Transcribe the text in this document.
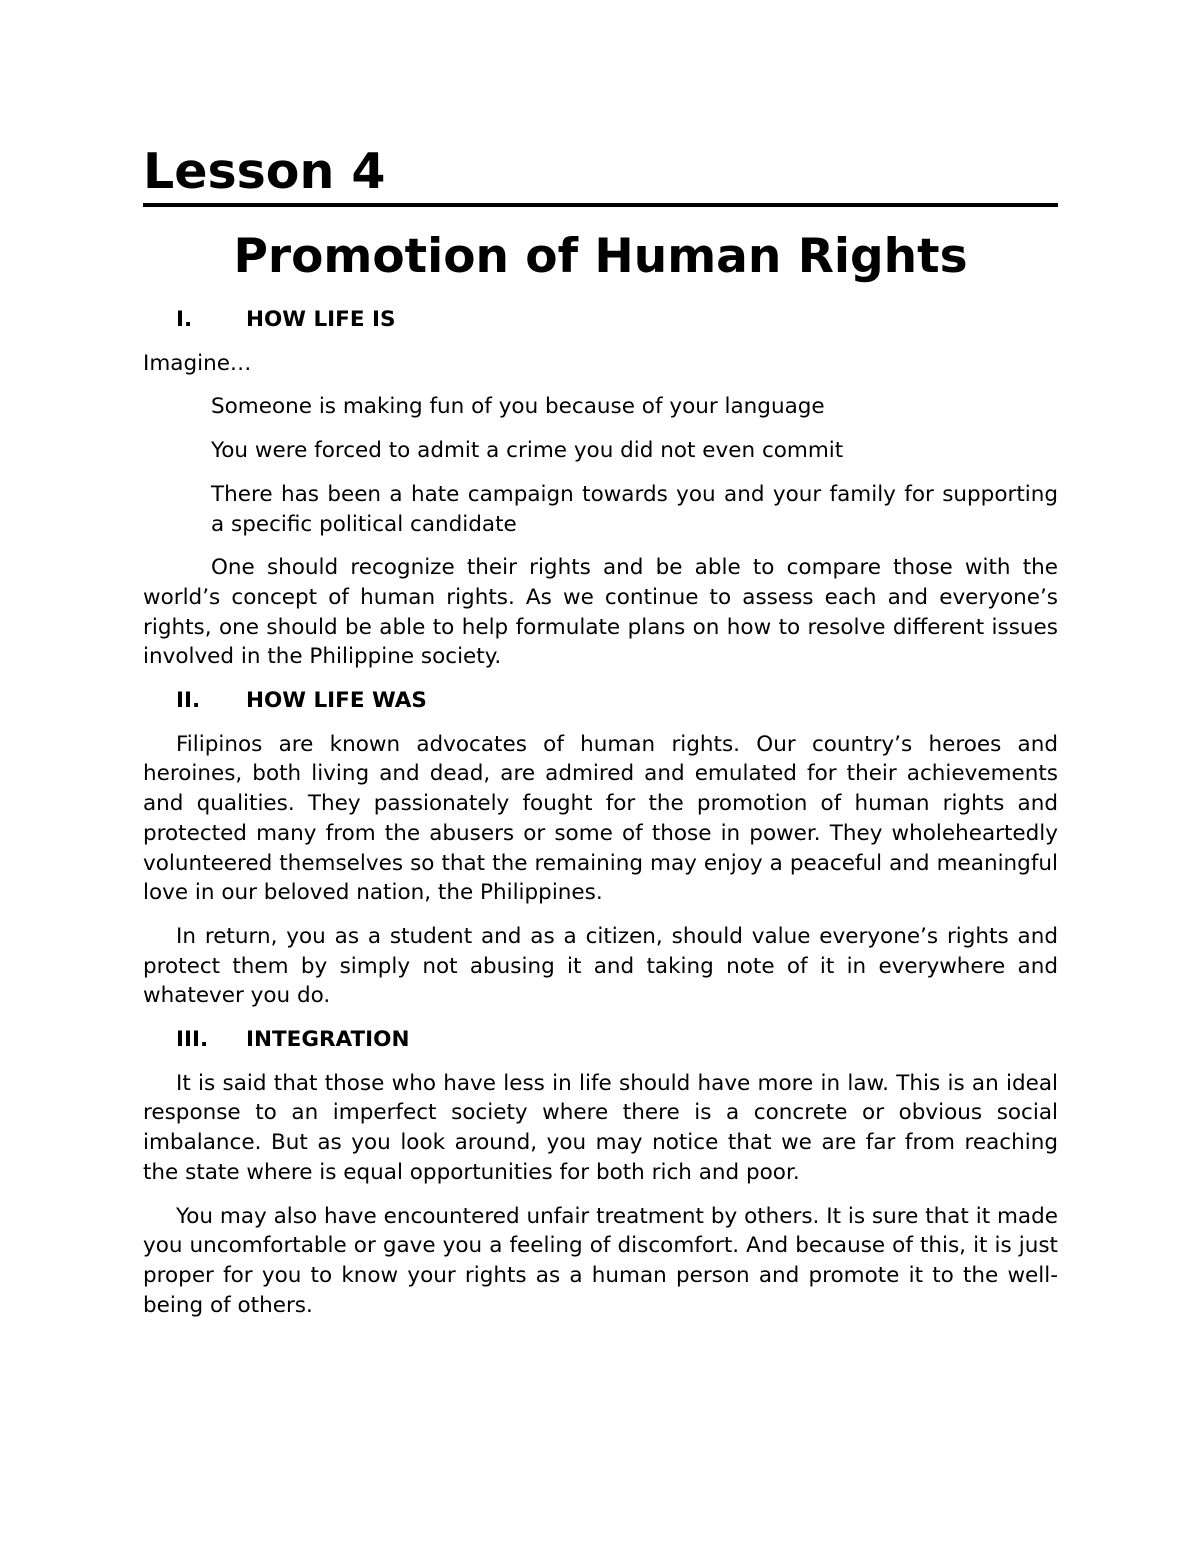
Lesson 4
Promotion of Human Rights
I.	HOW LIFE IS

Imagine…

Someone is making fun of you because of your language

You were forced to admit a crime you did not even commit

There has been a hate campaign towards you and your family for supporting a specific political candidate

One should recognize their rights and be able to compare those with the world’s concept of human rights. As we continue to assess each and everyone’s rights, one should be able to help formulate plans on how to resolve different issues involved in the Philippine society.

II. HOW LIFE WAS

Filipinos are known advocates of human rights. Our country’s heroes and heroines, both living and dead, are admired and emulated for their achievements and qualities. They passionately fought for the promotion of human rights and protected many from the abusers or some of those in power. They wholeheartedly volunteered themselves so that the remaining may enjoy a peaceful and meaningful love in our beloved nation, the Philippines.

In return, you as a student and as a citizen, should value everyone’s rights and protect them by simply not abusing it and taking note of it in everywhere and whatever you do.

III. INTEGRATION

It is said that those who have less in life should have more in law. This is an ideal response to an imperfect society where there is a concrete or obvious social imbalance. But as you look around, you may notice that we are far from reaching the state where is equal opportunities for both rich and poor.

You may also have encountered unfair treatment by others. It is sure that it made you uncomfortable or gave you a feeling of discomfort. And because of this, it is just proper for you to know your rights as a human person and promote it to the well-being of others.
